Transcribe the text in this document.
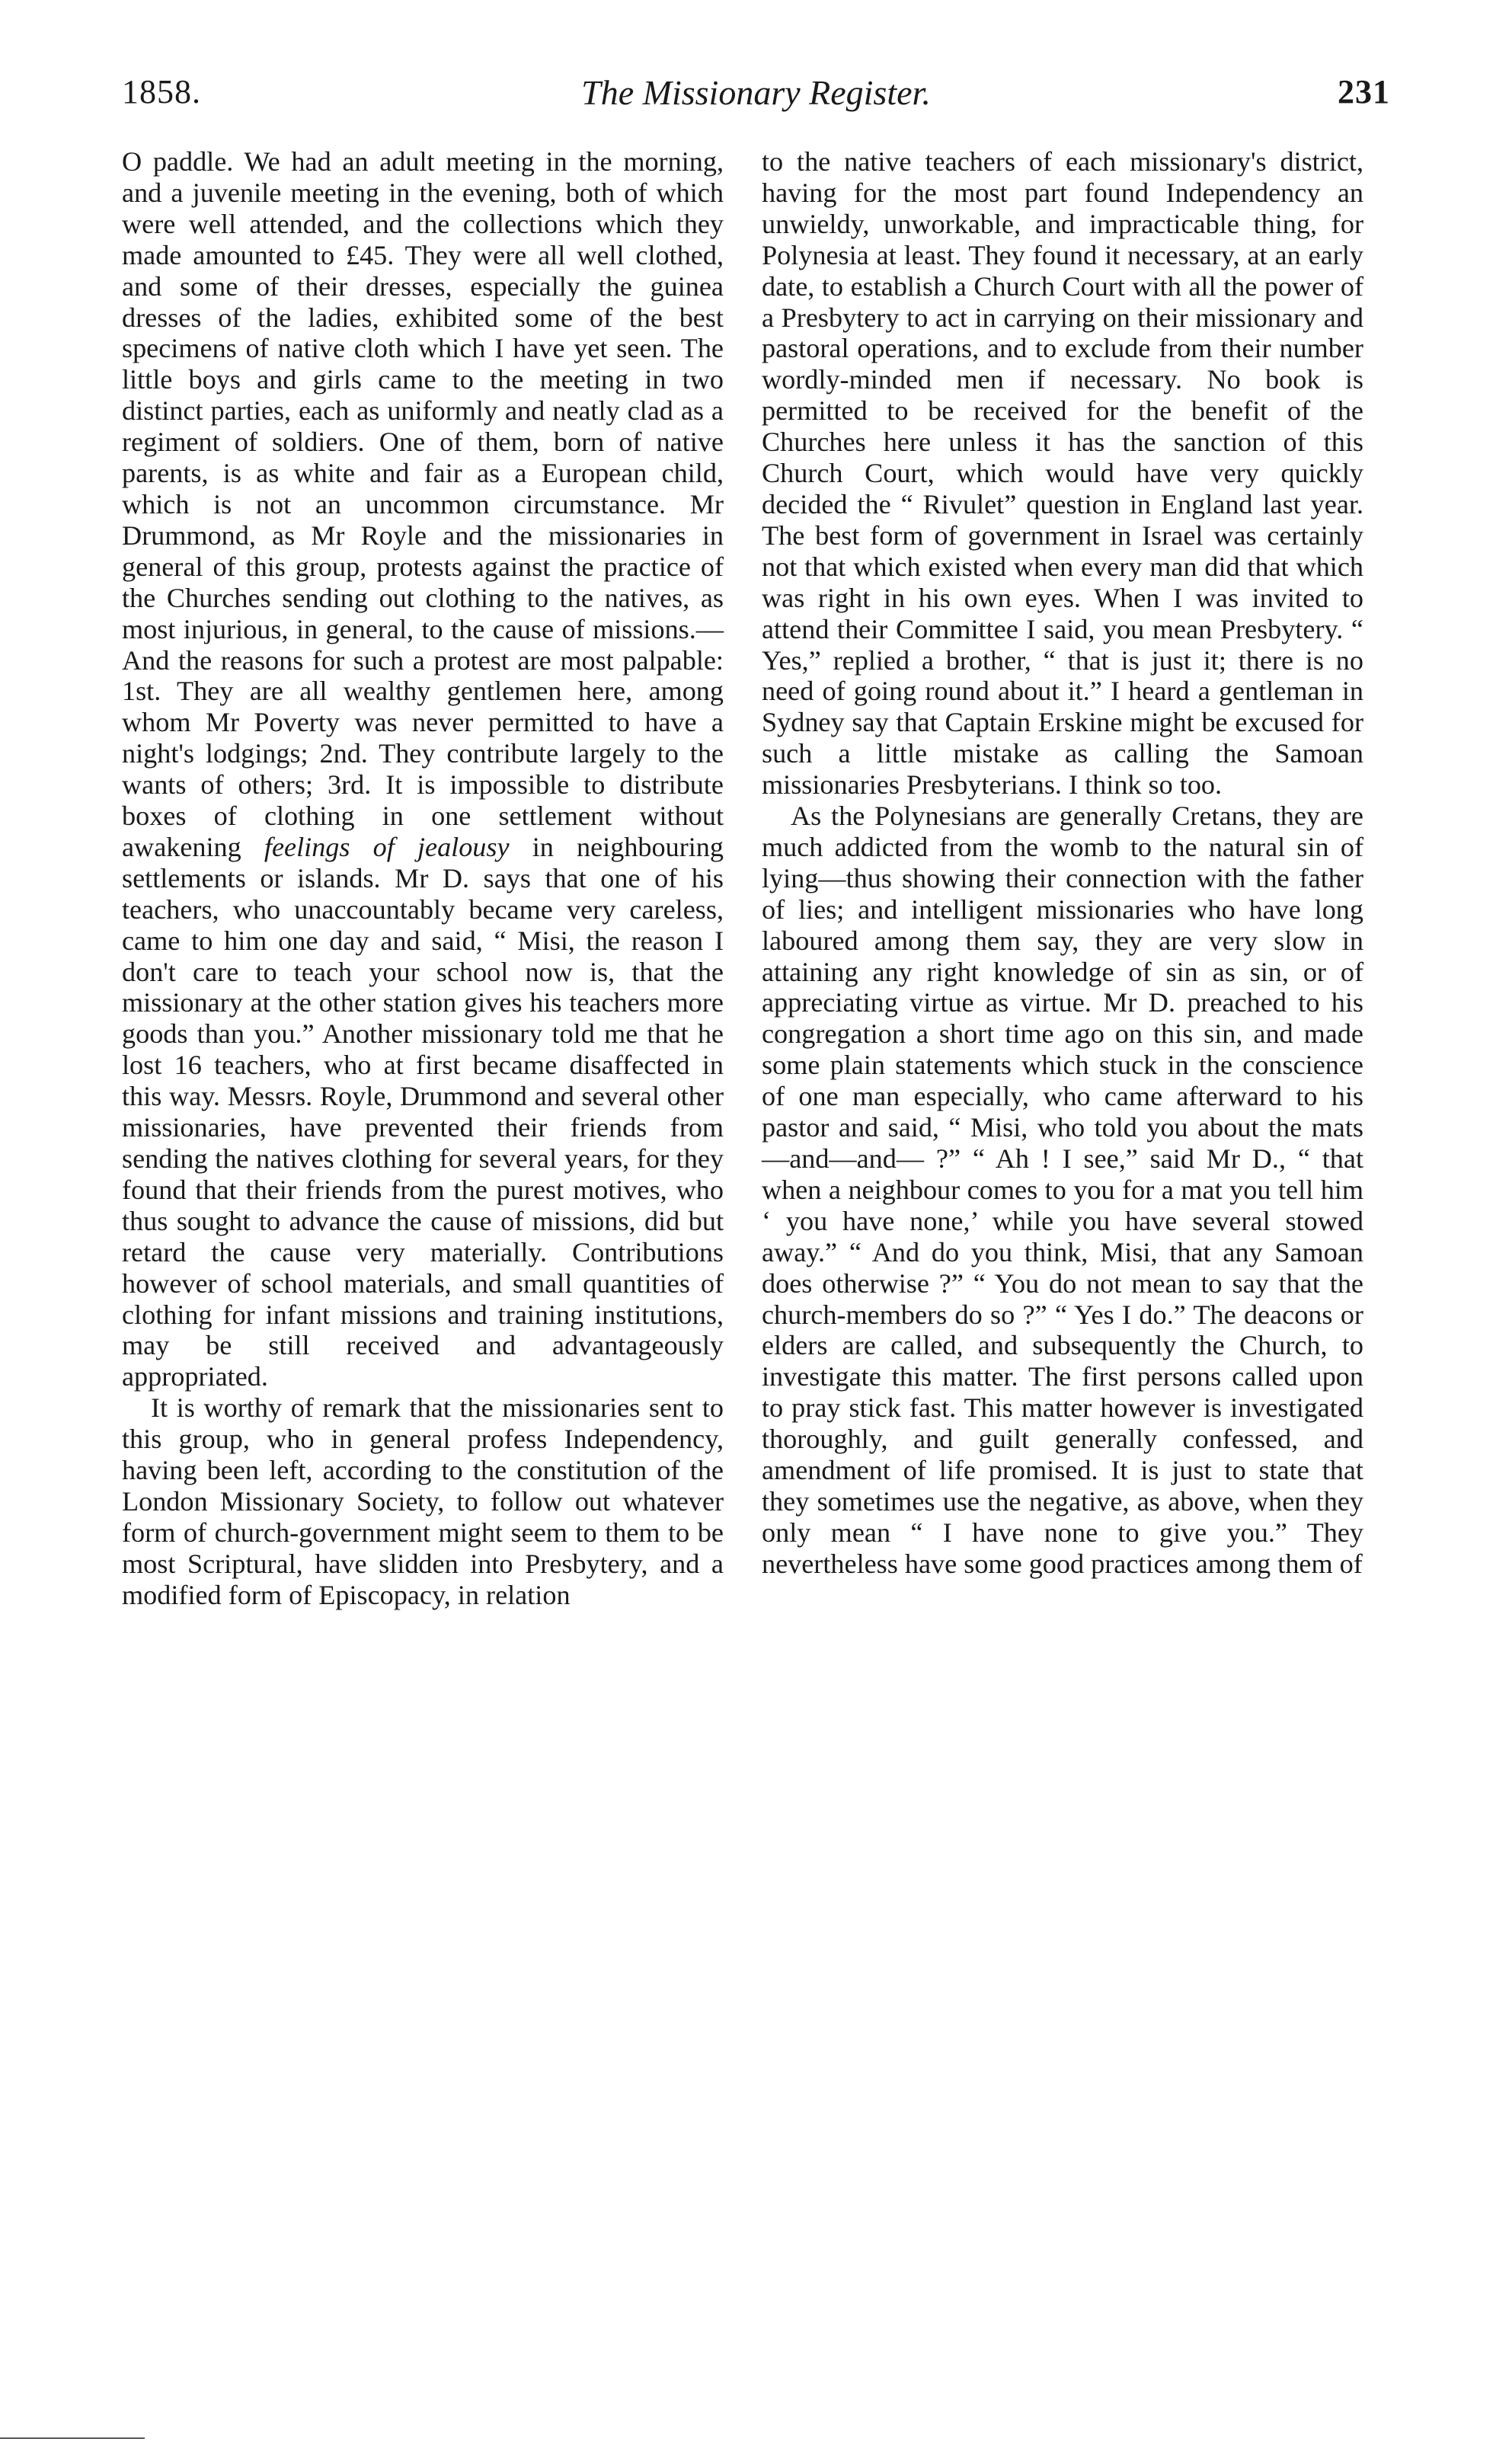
1858.	The Missionary Register.	231

O paddle. We had an adult meeting in the morning, and a juvenile meeting in the evening, both of which were well attended, and the collections which they made amounted to £45. They were all well clothed, and some of their dresses, especially the guinea dresses of the ladies, exhibited some of the best specimens of native cloth which I have yet seen. The little boys and girls came to the meeting in two distinct parties, each as uniformly and neatly clad as a regiment of soldiers. One of them, born of native parents, is as white and fair as a European child, which is not an uncommon circumstance. Mr Drummond, as Mr Royle and the missionaries in general of this group, protests against the practice of the Churches sending out clothing to the natives, as most injurious, in general, to the cause of missions.— And the reasons for such a protest are most palpable: 1st. They are all wealthy gentlemen here, among whom Mr Poverty was never permitted to have a night's lodgings; 2nd. They contribute largely to the wants of others; 3rd. It is impossible to distribute boxes of clothing in one settlement without awakening feelings of jealousy in neighbouring settlements or islands. Mr D. says that one of his teachers, who unaccountably became very careless, came to him one day and said, “ Misi, the reason I don't care to teach your school now is, that the missionary at the other station gives his teachers more goods than you.” Another missionary told me that he lost 16 teachers, who at first became disaffected in this way. Messrs. Royle, Drummond and several other missionaries, have prevented their friends from sending the natives clothing for several years, for they found that their friends from the purest motives, who thus sought to advance the cause of missions, did but retard the cause very materially. Contributions however of school materials, and small quantities of clothing for infant missions and training institutions, may be still received and advantageously appropriated.

It is worthy of remark that the missionaries sent to this group, who in general profess Independency, having been left, according to the constitution of the London Missionary Society, to follow out whatever form of church-government might seem to them to be most Scriptural, have slidden into Presbytery, and a modified form of Episcopacy, in relation

to the native teachers of each missionary's district, having for the most part found Independency an unwieldy, unworkable, and impracticable thing, for Polynesia at least. They found it necessary, at an early date, to establish a Church Court with all the power of a Presbytery to act in carrying on their missionary and pastoral operations, and to exclude from their number wordly-minded men if necessary. No book is permitted to be received for the benefit of the Churches here unless it has the sanction of this Church Court, which would have very quickly decided the “ Rivulet” question in England last year. The best form of government in Israel was certainly not that which existed when every man did that which was right in his own eyes. When I was invited to attend their Committee I said, you mean Presbytery. “ Yes,” replied a brother, “ that is just it; there is no need of going round about it.” I heard a gentleman in Sydney say that Captain Erskine might be excused for such a little mistake as calling the Samoan missionaries Presbyterians. I think so too.

As the Polynesians are generally Cretans, they are much addicted from the womb to the natural sin of lying—thus showing their connection with the father of lies; and intelligent missionaries who have long laboured among them say, they are very slow in attaining any right knowledge of sin as sin, or of appreciating virtue as virtue. Mr D. preached to his congregation a short time ago on this sin, and made some plain statements which stuck in the conscience of one man especially, who came afterward to his pastor and said, “ Misi, who told you about the mats—and—and— ?” “ Ah ! I see,” said Mr D., “ that when a neighbour comes to you for a mat you tell him ‘ you have none,’ while you have several stowed away.” “ And do you think, Misi, that any Samoan does otherwise ?” “ You do not mean to say that the church-members do so ?” “ Yes I do.” The deacons or elders are called, and subsequently the Church, to investigate this matter. The first persons called upon to pray stick fast. This matter however is investigated thoroughly, and guilt generally confessed, and amendment of life promised. It is just to state that they sometimes use the negative, as above, when they only mean “ I have none to give you.” They nevertheless have some good practices among them of
